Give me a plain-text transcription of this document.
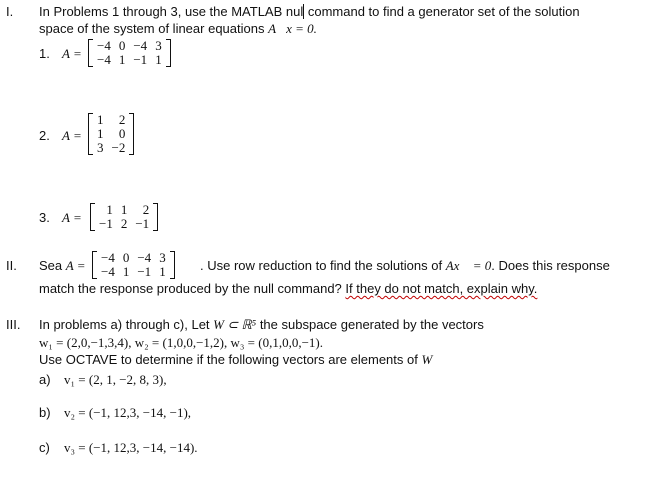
I. In Problems 1 through 3, use the MATLAB nul command to find a generator set of the solution
space of the system of linear equations A⃗x = 0.
1. A =
−4	0	−4	3
−4	1	−1	1
2. A =
1	2
1	0
3	−2
3. A =
1	1	2
−1	2	−1
II. Sea A =
−4	0	−4	3
−4	1	−1	1	. Use row reduction to find the solutions of Ax⃗ = 0. Does this response
match the response produced by the null command? If they do not match, explain why.
III. In problems a) through c), Let W ⊂ ℝ⁵ the subspace generated by the vectors
w₁ = (2,0,−1,3,4), w₂ = (1,0,0,−1,2), w₃ = (0,1,0,0,−1).
Use OCTAVE to determine if the following vectors are elements of W
a) v₁ = (2, 1, −2, 8, 3),
b) v₂ = (−1, 12,3, −14, −1),
c) v₃ = (−1, 12,3, −14, −14).
